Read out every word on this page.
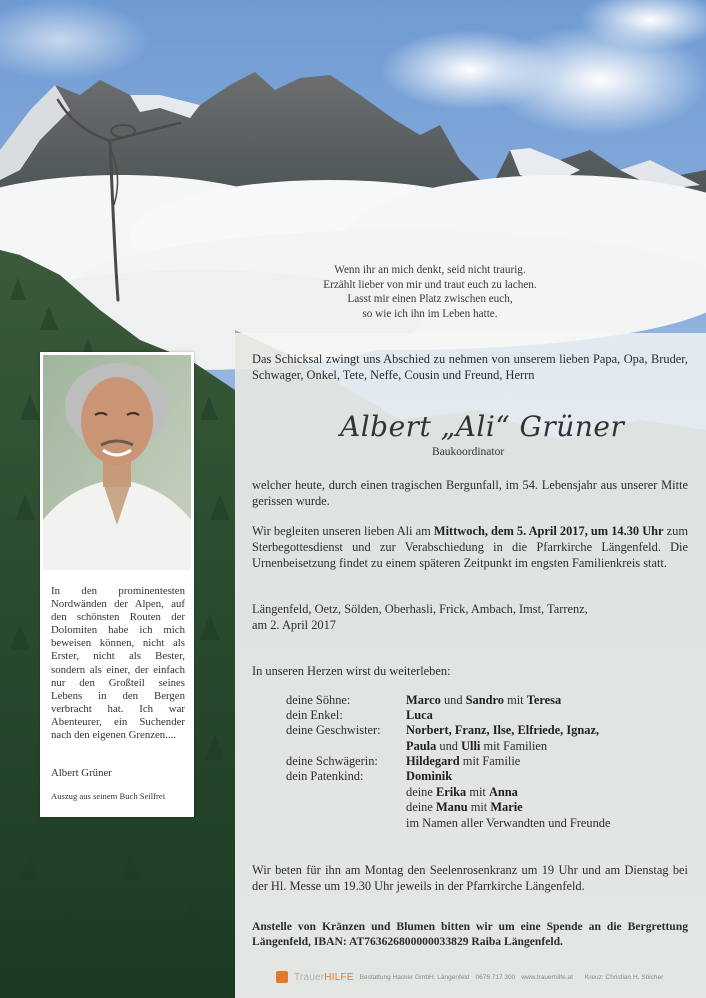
Wenn ihr an mich denkt, seid nicht traurig.
Erzählt lieber von mir und traut euch zu lachen.
Lasst mir einen Platz zwischen euch,
so wie ich ihn im Leben hatte.
Das Schicksal zwingt uns Abschied zu nehmen von unserem lieben Papa, Opa, Bruder, Schwager, Onkel, Tete, Neffe, Cousin und Freund, Herrn
Albert „Ali“ Grüner
Baukoordinator
welcher heute, durch einen tragischen Bergunfall, im 54. Lebensjahr aus unserer Mitte gerissen wurde.
Wir begleiten unseren lieben Ali am Mittwoch, dem 5. April 2017, um 14.30 Uhr zum Sterbegottesdienst und zur Verabschiedung in die Pfarrkirche Längenfeld. Die Urnenbeisetzung findet zu einem späteren Zeitpunkt im engsten Familienkreis statt.
Längenfeld, Oetz, Sölden, Oberhasli, Frick, Ambach, Imst, Tarrenz,
am 2. April 2017
In unseren Herzen wirst du weiterleben:
deine Söhne:	Marco und Sandro mit Teresa
dein Enkel:	Luca
deine Geschwister: Norbert, Franz, Ilse, Elfriede, Ignaz,
Paula und Ulli mit Familien
deine Schwägerin: Hildegard mit Familie
dein Patenkind:	Dominik
deine Erika mit Anna
deine Manu mit Marie
im Namen aller Verwandten und Freunde
Wir beten für ihn am Montag den Seelenrosenkranz um 19 Uhr und am Dienstag bei der Hl. Messe um 19.30 Uhr jeweils in der Pfarrkirche Längenfeld.
Anstelle von Kränzen und Blumen bitten wir um eine Spende an die Bergrettung Längenfeld, IBAN: AT763626800000033829 Raiba Längenfeld.
In den prominentesten Nordwänden der Alpen, auf den schönsten Routen der Dolomiten habe ich mich beweisen können, nicht als Erster, nicht als Bester, sondern als einer, der einfach nur den Großteil seines Lebens in den Bergen verbracht hat. Ich war Abenteurer, ein Suchender nach den eigenen Grenzen....
Albert Grüner
Auszug aus seinem Buch Seilfrei
TrauerHILFE Bestattung Hacker GmbH, Längenfeld 0676 717 300 www.trauerhilfe.at Kreuz: Christian H. Sölcher
